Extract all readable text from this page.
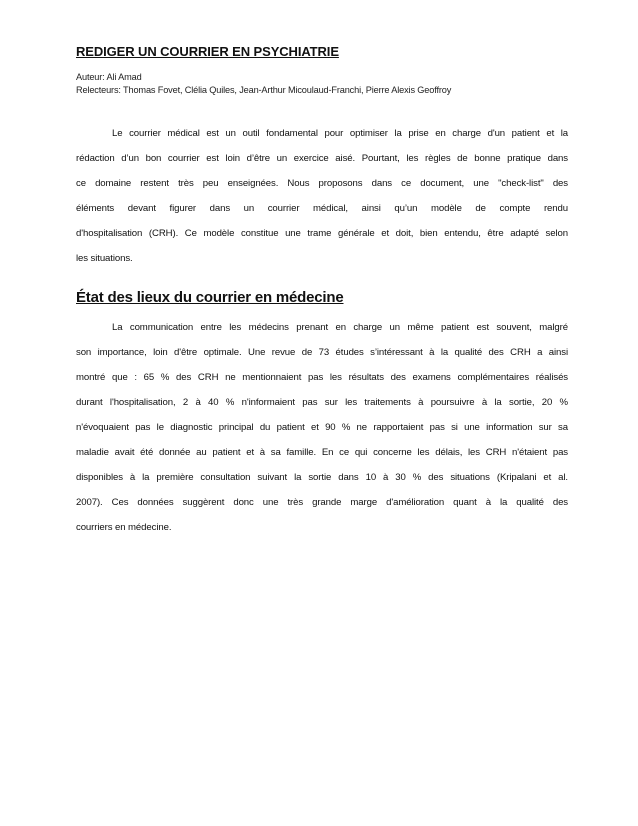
REDIGER UN COURRIER EN PSYCHIATRIE
Auteur: Ali Amad
Relecteurs: Thomas Fovet, Clélia Quiles, Jean-Arthur Micoulaud-Franchi, Pierre Alexis Geoffroy

Le courrier médical est un outil fondamental pour optimiser la prise en charge d'un patient et la
rédaction d’un bon courrier est loin d’être un exercice aisé. Pourtant, les règles de bonne pratique dans
ce domaine restent très peu enseignées. Nous proposons dans ce document, une "check-list" des
éléments devant figurer dans un courrier médical, ainsi qu’un modèle de compte rendu
d'hospitalisation (CRH). Ce modèle constitue une trame générale et doit, bien entendu, être adapté selon
les situations.

État des lieux du courrier en médecine

La communication entre les médecins prenant en charge un même patient est souvent, malgré
son importance, loin d'être optimale. Une revue de 73 études s’intéressant à la qualité des CRH a ainsi
montré que : 65 % des CRH ne mentionnaient pas les résultats des examens complémentaires réalisés
durant l'hospitalisation, 2 à 40 % n'informaient pas sur les traitements à poursuivre à la sortie, 20 %
n'évoquaient pas le diagnostic principal du patient et 90 % ne rapportaient pas si une information sur sa
maladie avait été donnée au patient et à sa famille. En ce qui concerne les délais, les CRH n'étaient pas
disponibles à la première consultation suivant la sortie dans 10 à 30 % des situations (Kripalani et al.
2007). Ces données suggèrent donc une très grande marge d'amélioration quant à la qualité des
courriers en médecine.
